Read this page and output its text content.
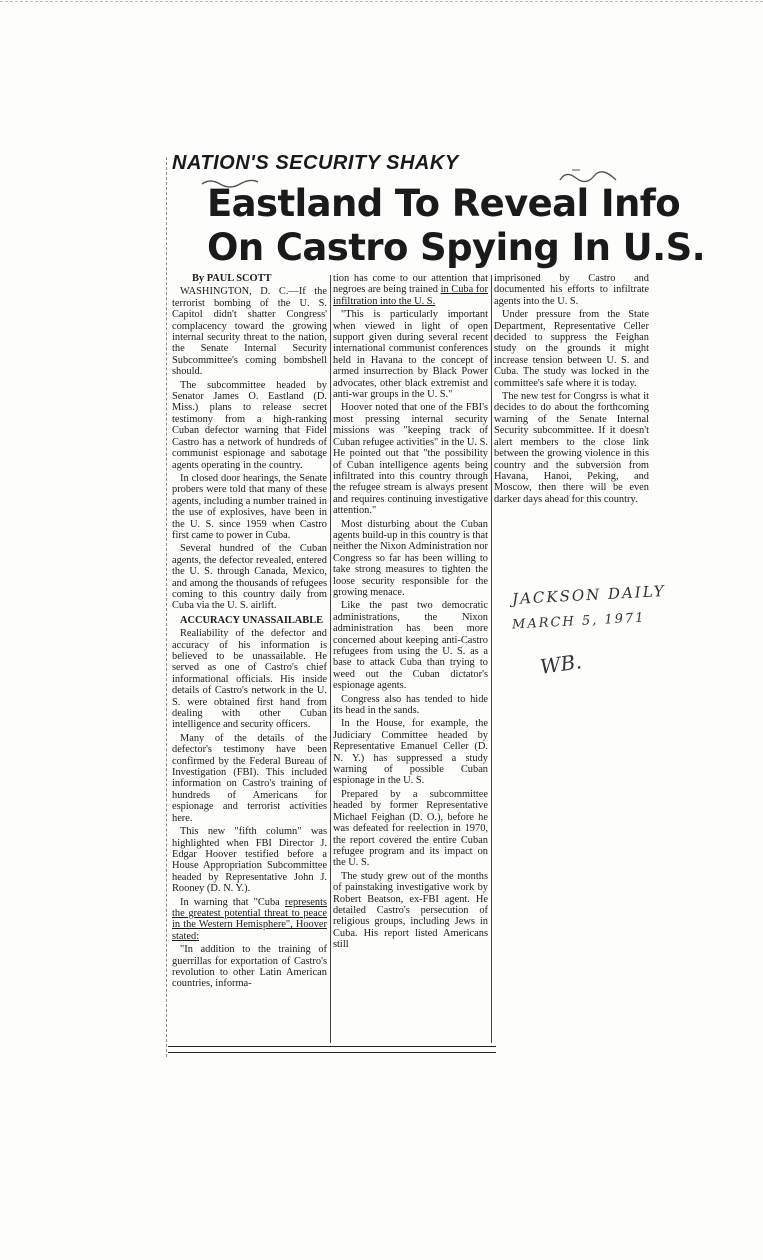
NATION'S SECURITY SHAKY
Eastland To Reveal Info
On Castro Spying In U.S.

By PAUL SCOTT

WASHINGTON, D. C.—If the terrorist bombing of the U. S. Capitol didn't shatter Congress' complacency toward the growing internal security threat to the nation, the Senate Internal Security Subcommittee's coming bombshell should.

The subcommittee headed by Senator James O. Eastland (D. Miss.) plans to release secret testimony from a high-ranking Cuban defector warning that Fidel Castro has a network of hundreds of communist espionage and sabotage agents operating in the country.

In closed door hearings, the Senate probers were told that many of these agents, including a number trained in the use of explosives, have been in the U. S. since 1959 when Castro first came to power in Cuba.

Several hundred of the Cuban agents, the defector revealed, entered the U. S. through Canada, Mexico, and among the thousands of refugees coming to this country daily from Cuba via the U. S. airlift.

ACCURACY UNASSAILABLE

Realiability of the defector and accuracy of his information is believed to be unassailable. He served as one of Castro's chief informational officials. His inside details of Castro's network in the U. S. were obtained first hand from dealing with other Cuban intelligence and security officers.

Many of the details of the defector's testimony have been confirmed by the Federal Bureau of Investigation (FBI). This included information on Castro's training of hundreds of Americans for espionage and terrorist activities here.

This new "fifth column" was highlighted when FBI Director J. Edgar Hoover testified before a House Appropriation Subcommittee headed by Representative John J. Rooney (D. N. Y.).

In warning that "Cuba represents the greatest potential threat to peace in the Western Hemisphere", Hoover stated:

"In addition to the training of guerrillas for exportation of Castro's revolution to other Latin American countries, informa-

tion has come to our attention that negroes are being trained in Cuba for infiltration into the U. S.

"This is particularly important when viewed in light of open support given during several recent international communist conferences held in Havana to the concept of armed insurrection by Black Power advocates, other black extremist and anti-war groups in the U. S."

Hoover noted that one of the FBI's most pressing internal security missions was "keeping track of Cuban refugee activities" in the U. S. He pointed out that "the possibility of Cuban intelligence agents being infiltrated into this country through the refugee stream is always present and requires continuing investigative attention."

Most disturbing about the Cuban agents build-up in this country is that neither the Nixon Administration nor Congress so far has been willing to take strong measures to tighten the loose security responsible for the growing menace.

Like the past two democratic administrations, the Nixon administration has been more concerned about keeping anti-Castro refugees from using the U. S. as a base to attack Cuba than trying to weed out the Cuban dictator's espionage agents.

Congress also has tended to hide its head in the sands.

In the House, for example, the Judiciary Committee headed by Representative Emanuel Celler (D. N. Y.) has suppressed a study warning of possible Cuban espionage in the U. S.

Prepared by a subcommittee headed by former Representative Michael Feighan (D. O.), before he was defeated for reelection in 1970, the report covered the entire Cuban refugee program and its impact on the U. S.

The study grew out of the months of painstaking investigative work by Robert Beatson, ex-FBI agent. He detailed Castro's persecution of religious groups, including Jews in Cuba. His report listed Americans still

imprisoned by Castro and documented his efforts to infiltrate agents into the U. S.

Under pressure from the State Department, Representative Celler decided to suppress the Feighan study on the grounds it might increase tension between U. S. and Cuba. The study was locked in the committee's safe where it is today.

The new test for Congrss is what it decides to do about the forthcoming warning of the Senate Internal Security subcommittee. If it doesn't alert members to the close link between the growing violence in this country and the subversion from Havana, Hanoi, Peking, and Moscow, then there will be even darker days ahead for this country.

JACKSON DAILY
MARCH 5, 1971
WB.
